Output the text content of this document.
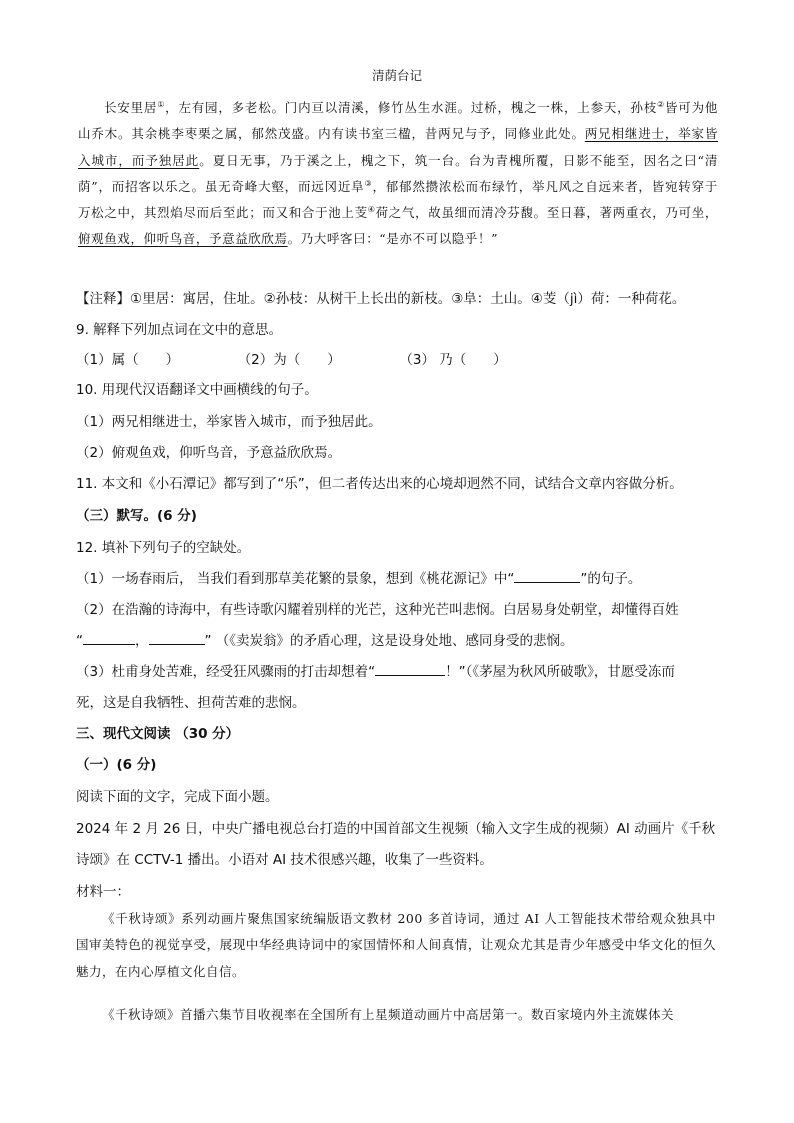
清荫台记
长安里居①，左有园，多老松。门内亘以清溪，修竹丛生水涯。过桥，槐之一株，上参天，孙枝②皆可为他山乔木。其余桃李枣栗之属，郁然茂盛。内有读书室三楹，昔两兄与予，同修业此处。两兄相继进士，举家皆入城市，而予独居此。夏日无事，乃于溪之上，槐之下，筑一台。台为青槐所覆，日影不能至，因名之曰“清荫”，而招客以乐之。虽无奇峰大壑，而远冈近阜③，郁郁然攒浓松而布绿竹，举凡风之自远来者，皆宛转穿于万松之中，其烈焰尽而后至此；而又和合于池上芰④荷之气，故虽细而清冷芬馥。至日暮，著两重衣，乃可坐，俯观鱼戏，仰听鸟音，予意益欣欣焉。乃大呼客曰：“是亦不可以隐乎！”
【注释】①里居：寓居，住址。②孙枝：从树干上长出的新枝。③阜：土山。④芰（jì）荷：一种荷花。
9. 解释下列加点词在文中的意思。
（1）属（　　）	（2）为（　　）	（3） 乃（　　）
10. 用现代汉语翻译文中画横线的句子。
（1）两兄相继进士，举家皆入城市，而予独居此。
（2）俯观鱼戏，仰听鸟音，予意益欣欣焉。
11. 本文和《小石潭记》都写到了“乐”，但二者传达出来的心境却迥然不同，试结合文章内容做分析。
（三）默写。(6 分)
12. 填补下列句子的空缺处。
（1）一场春雨后， 当我们看到那草美花繁的景象，想到《桃花源记》中“	”的句子。
（2）在浩瀚的诗海中，有些诗歌闪耀着别样的光芒，这种光芒叫悲悯。白居易身处朝堂，却懂得百姓
“	，	” （《卖炭翁》的矛盾心理，这是设身处地、感同身受的悲悯。
（3）杜甫身处苦难，经受狂风骤雨的打击却想着“	！”（《茅屋为秋风所破歌》，甘愿受冻而
死，这是自我牺牲、担荷苦难的悲悯。
三、现代文阅读 （30 分）
（一）(6 分)
阅读下面的文字，完成下面小题。
2024 年 2 月 26 日，中央广播电视总台打造的中国首部文生视频（输入文字生成的视频）AI 动画片《千秋
诗颂》在 CCTV-1 播出。小语对 AI 技术很感兴趣，收集了一些资料。
材料一：
《千秋诗颂》系列动画片聚焦国家统编版语文教材 200 多首诗词，通过 AI 人工智能技术带给观众独具中国审美特色的视觉享受，展现中华经典诗词中的家国情怀和人间真情，让观众尤其是青少年感受中华文化的恒久魅力，在内心厚植文化自信。
《千秋诗颂》首播六集节目收视率在全国所有上星频道动画片中高居第一。数百家境内外主流媒体关
